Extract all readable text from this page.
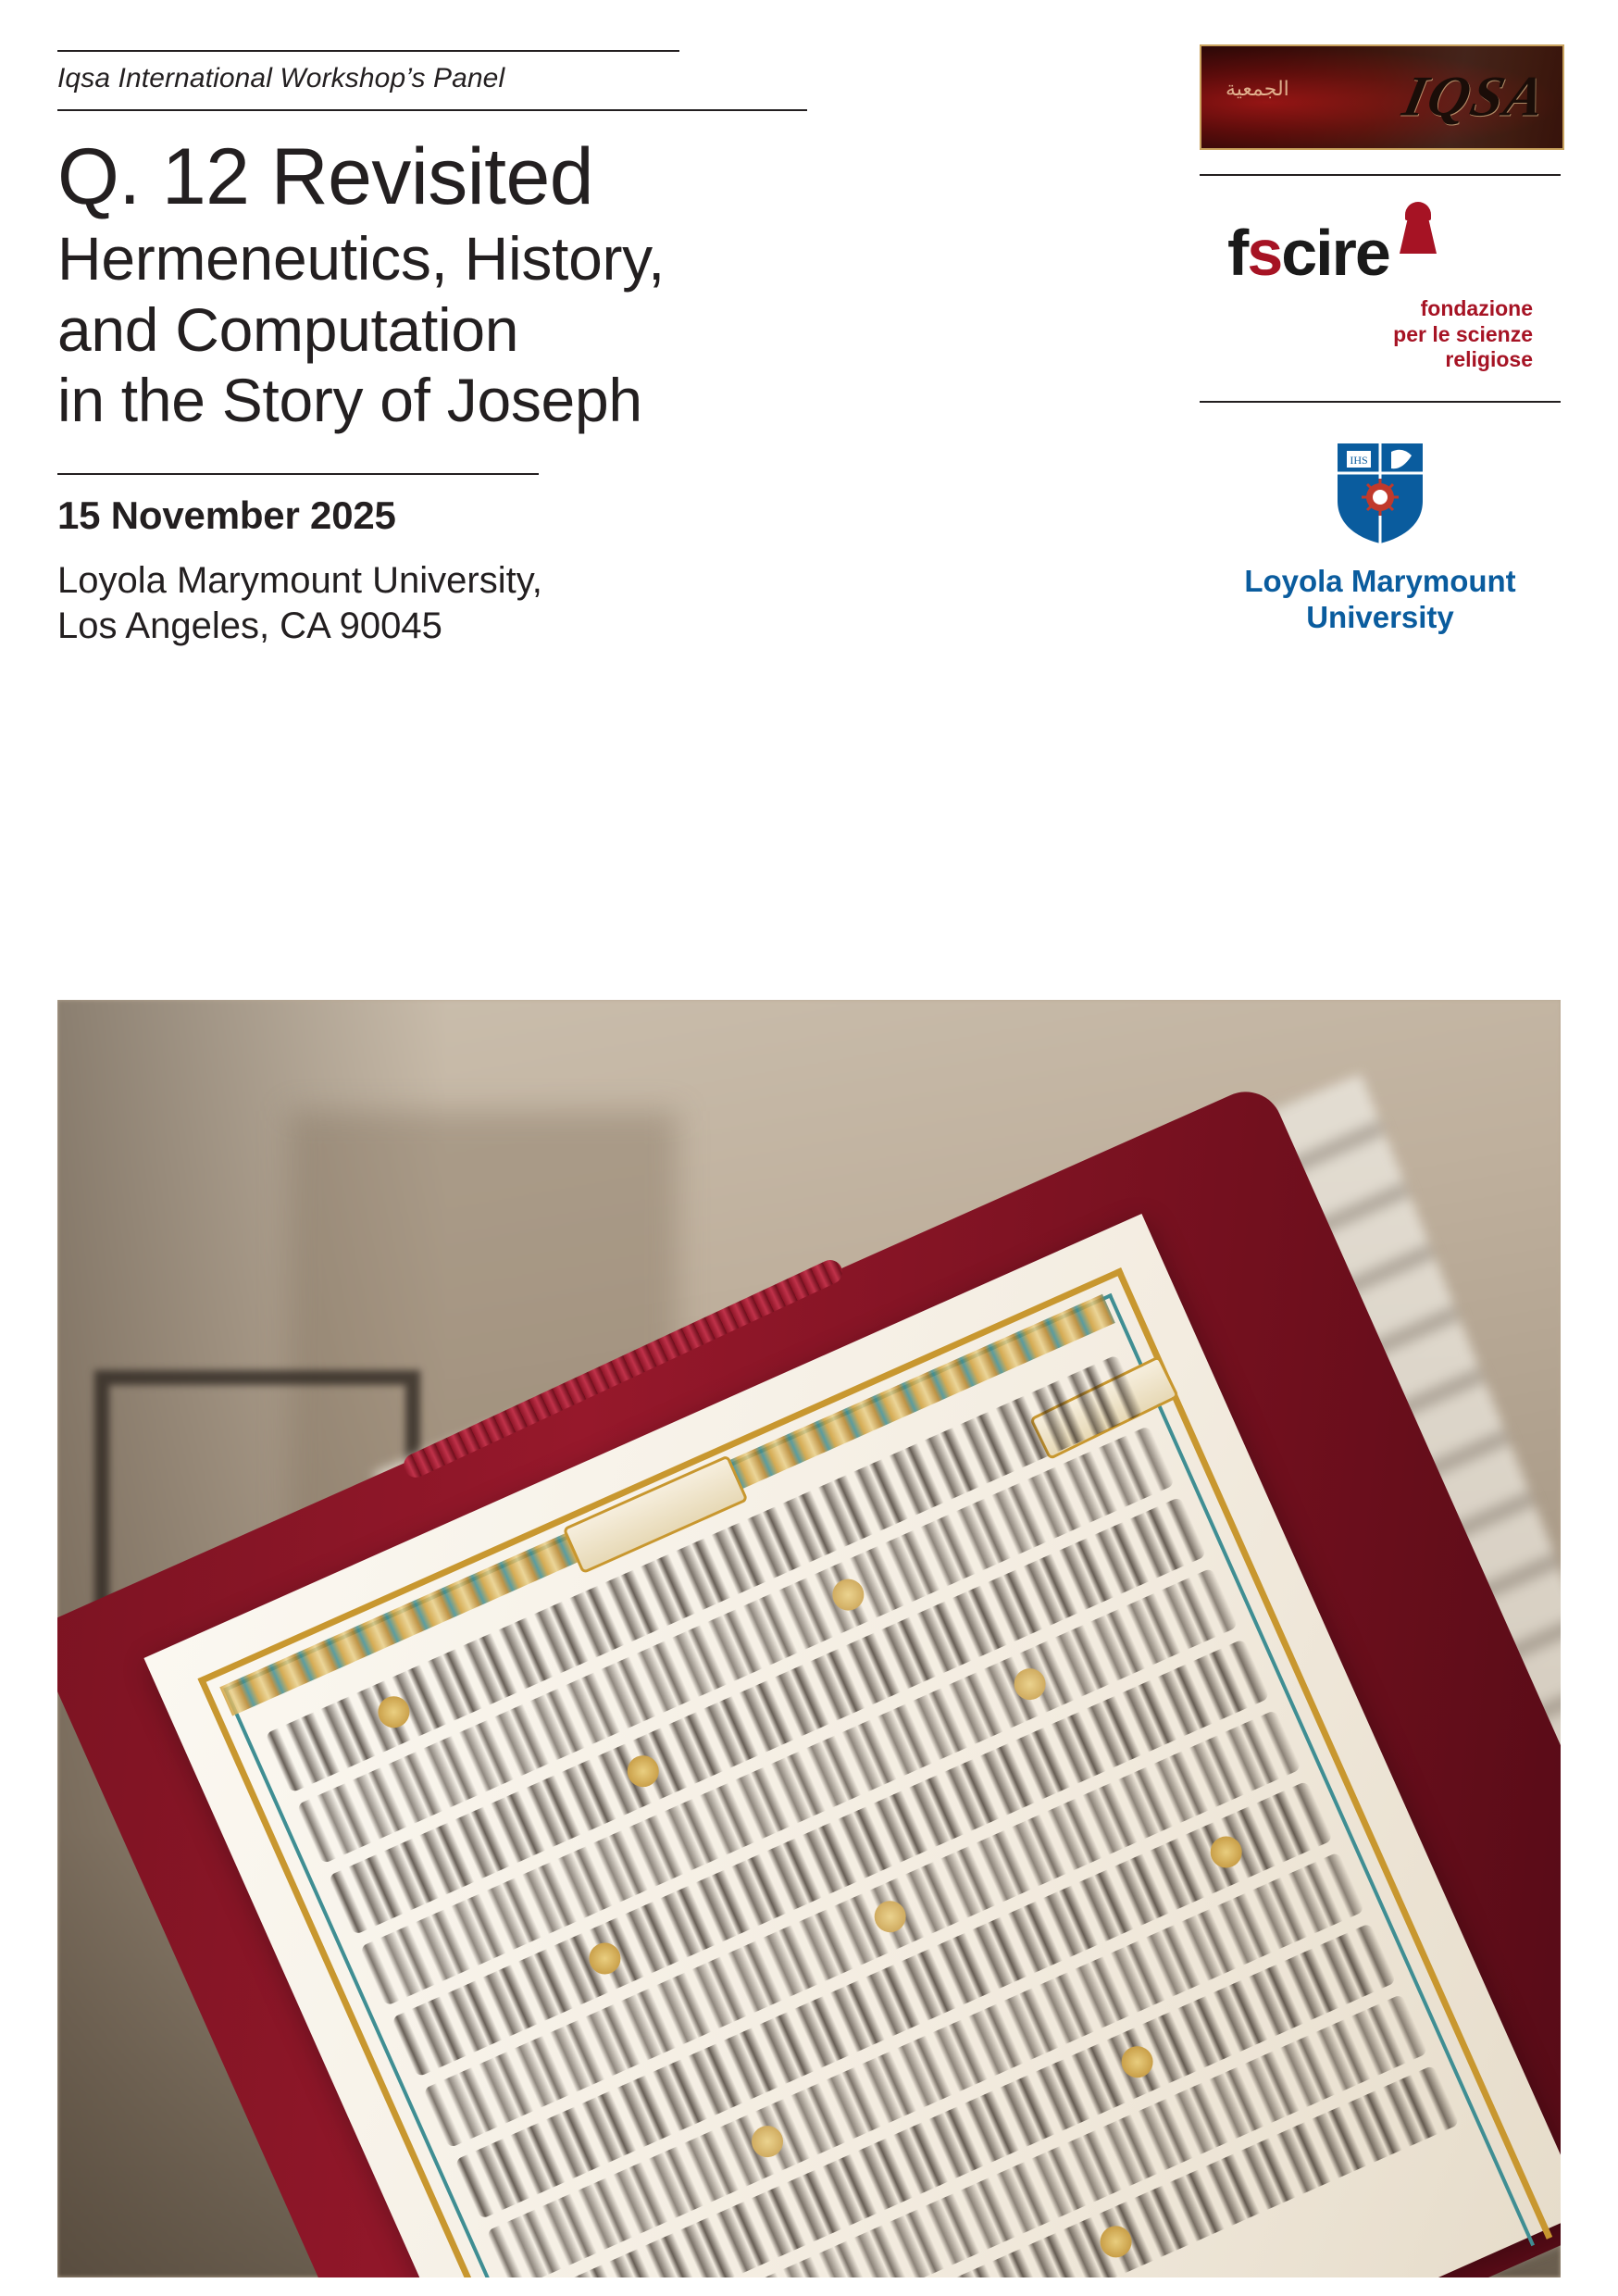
Iqsa International Workshop’s Panel
Q. 12 Revisited
Hermeneutics, History,
and Computation
in the Story of Joseph
15 November 2025
Loyola Marymount University,
Los Angeles, CA 90045
الجمعية IQSA
fscire
fondazione
per le scienze
religiose
IHS
Loyola Marymount
University
